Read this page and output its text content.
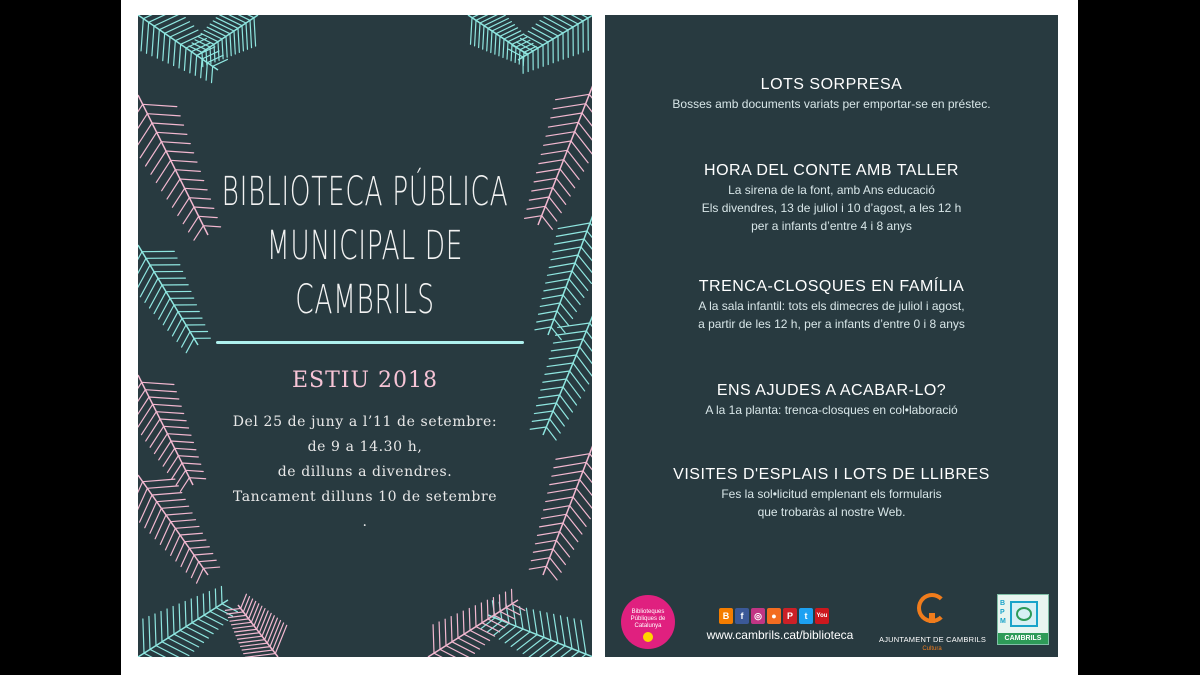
BIBLIOTECA PÚBLICA
MUNICIPAL DE
CAMBRILS
ESTIU 2018
Del 25 de juny a l’11 de setembre:
de 9 a 14.30 h,
de dilluns a divendres.
Tancament dilluns 10 de setembre
.
LOTS SORPRESA

Bosses amb documents variats per emportar-se en préstec.

HORA DEL CONTE AMB TALLER

La sirena de la font, amb Ans educació

Els divendres, 13 de juliol i 10 d’agost, a les 12 h

per a infants d’entre 4 i 8 anys

TRENCA-CLOSQUES EN FAMÍLIA

A la sala infantil: tots els dimecres de juliol i agost,

a partir de les 12 h, per a infants d’entre 0 i 8 anys

ENS AJUDES A ACABAR-LO?

A la 1a planta: trenca-closques en col•laboració

VISITES D'ESPLAIS I LOTS DE LLIBRES

Fes la sol•licitud emplenant els formularis

que trobaràs al nostre Web.

Biblioteques Públiques de Catalunya
B	f	◎	●	P	t	You
www.cambrils.cat/biblioteca	AJUNTAMENT DE CAMBRILS
Cultura
B
P
M
CAMBRILS
